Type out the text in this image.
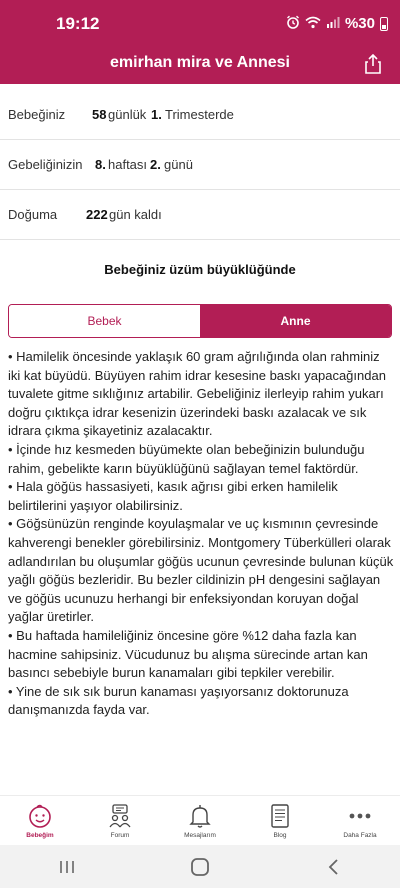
19:12	%30
emirhan mira ve Annesi
Bebeğiniz 58 günlük 1. Trimesterde
Gebeliğinizin 8. haftası 2. günü
Doğuma 222 gün kaldı
Bebeğiniz üzüm büyüklüğünde
Bebek	Anne

• Hamilelik öncesinde yaklaşık 60 gram ağrılığında olan rahminiz iki kat büyüdü. Büyüyen rahim idrar kesesine baskı yapacağından tuvalete gitme sıklığınız artabilir. Gebeliğiniz ilerleyip rahim yukarı doğru çıktıkça idrar kesenizin üzerindeki baskı azalacak ve sık idrara çıkma şikayetiniz azalacaktır.

• İçinde hız kesmeden büyümekte olan bebeğinizin bulunduğu rahim, gebelikte karın büyüklüğünü sağlayan temel faktördür.

• Hala göğüs hassasiyeti, kasık ağrısı gibi erken hamilelik belirtilerini yaşıyor olabilirsiniz.

• Göğsünüzün renginde koyulaşmalar ve uç kısmının çevresinde kahverengi benekler görebilirsiniz. Montgomery Tüberkülleri olarak adlandırılan bu oluşumlar göğüs ucunun çevresinde bulunan küçük yağlı göğüs bezleridir. Bu bezler cildinizin pH dengesini sağlayan ve göğüs ucunuzu herhangi bir enfeksiyondan koruyan doğal yağlar üretirler.

• Bu haftada hamileliğiniz öncesine göre %12 daha fazla kan hacmine sahipsiniz. Vücudunuz bu alışma sürecinde artan kan basıncı sebebiyle burun kanamaları gibi tepkiler verebilir.

• Yine de sık sık burun kanaması yaşıyorsanız doktorunuza danışmanızda fayda var.

Bebeğim	Forum	Mesajlarım	Blog	Daha Fazla
